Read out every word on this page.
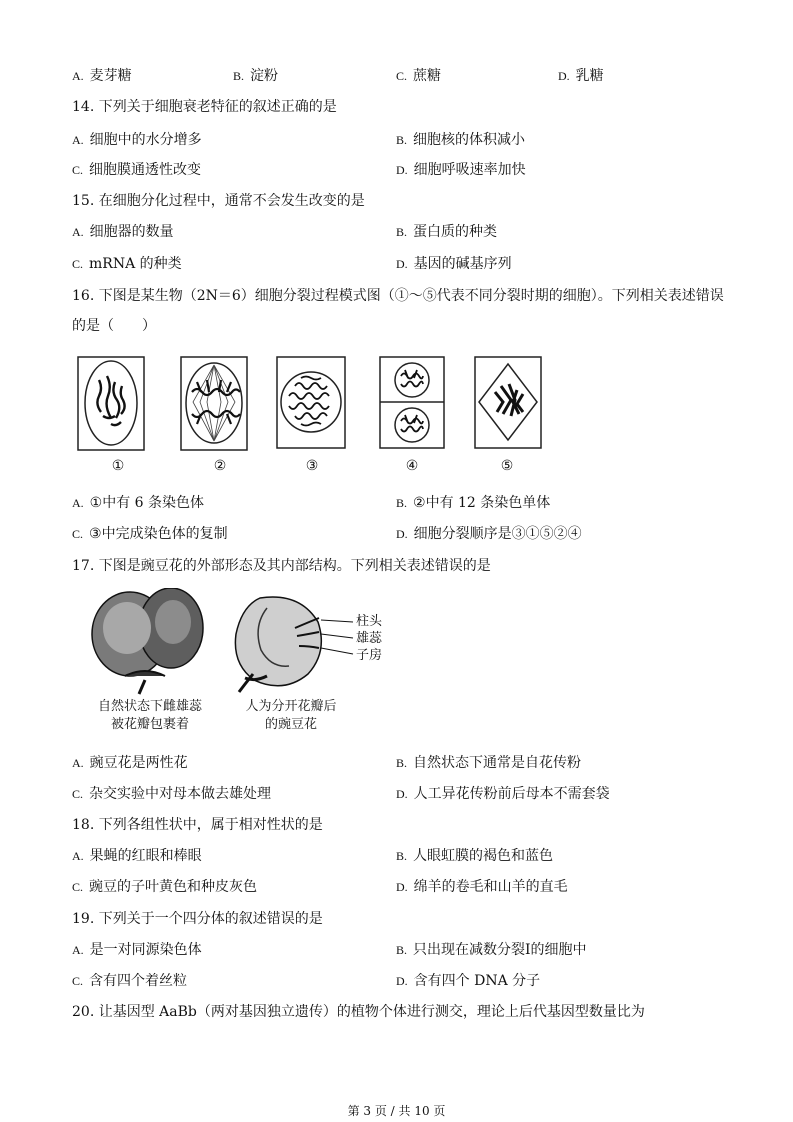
A. 麦芽糖	B. 淀粉	C. 蔗糖	D. 乳糖
14. 下列关于细胞衰老特征的叙述正确的是
A. 细胞中的水分增多	B. 细胞核的体积减小
C. 细胞膜通透性改变	D. 细胞呼吸速率加快
15. 在细胞分化过程中，通常不会发生改变的是
A. 细胞器的数量	B. 蛋白质的种类
C. mRNA 的种类	D. 基因的碱基序列
16. 下图是某生物（2N＝6）细胞分裂过程模式图（①～⑤代表不同分裂时期的细胞）。下列相关表述错误
的是（　　）
①	②	③	④	⑤
A. ①中有 6 条染色体	B. ②中有 12 条染色单体
C. ③中完成染色体的复制	D. 细胞分裂顺序是③①⑤②④
17. 下图是豌豆花的外部形态及其内部结构。下列相关表述错误的是
柱头
雄蕊
子房
自然状态下雌雄蕊
被花瓣包裹着
人为分开花瓣后
的豌豆花
A. 豌豆花是两性花	B. 自然状态下通常是自花传粉
C. 杂交实验中对母本做去雄处理	D. 人工异花传粉前后母本不需套袋
18. 下列各组性状中，属于相对性状的是
A. 果蝇的红眼和棒眼	B. 人眼虹膜的褐色和蓝色
C. 豌豆的子叶黄色和种皮灰色	D. 绵羊的卷毛和山羊的直毛
19. 下列关于一个四分体的叙述错误的是
A. 是一对同源染色体	B. 只出现在减数分裂Ⅰ的细胞中
C. 含有四个着丝粒	D. 含有四个 DNA 分子
20. 让基因型 AaBb（两对基因独立遗传）的植物个体进行测交，理论上后代基因型数量比为
第 3 页 / 共 10 页
